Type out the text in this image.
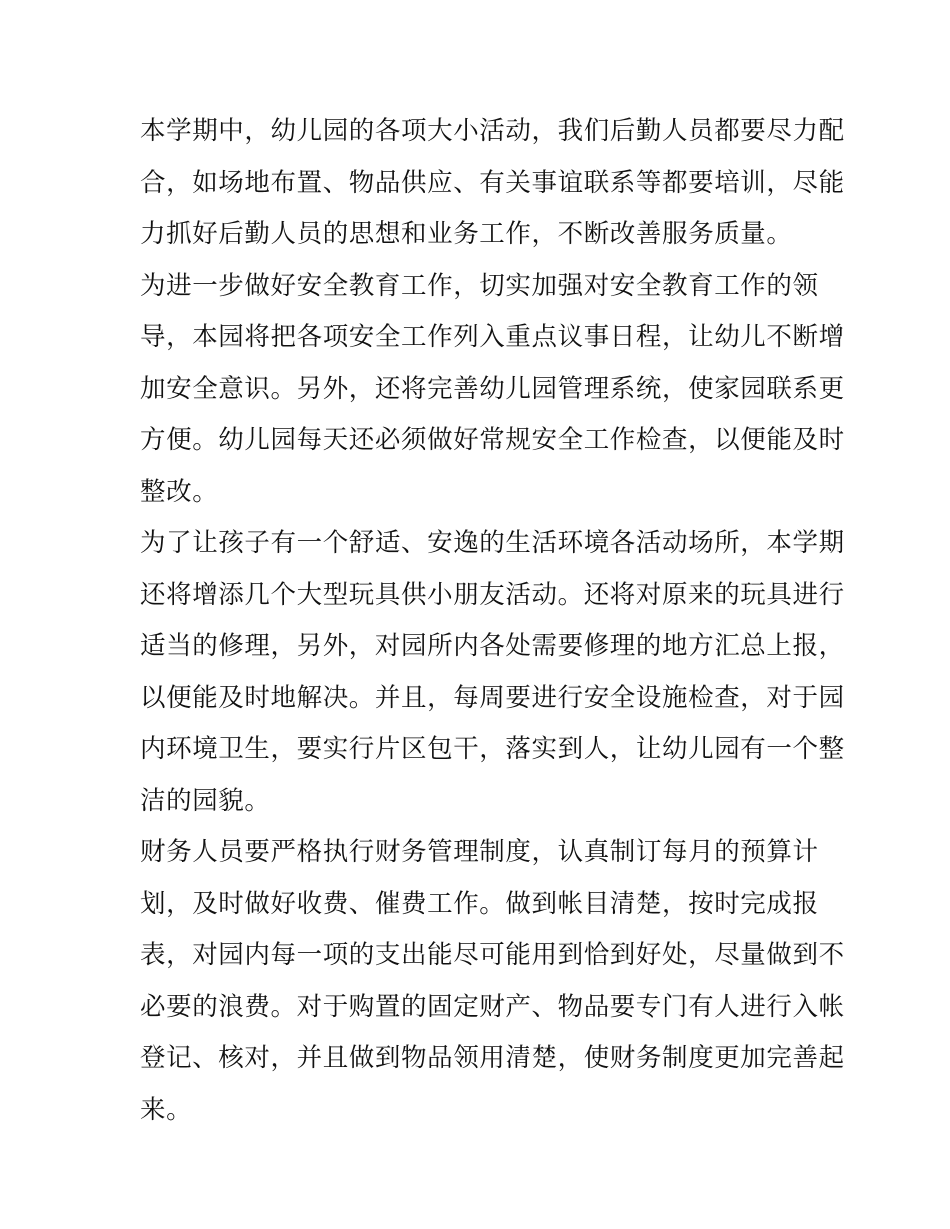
本学期中，幼儿园的各项大小活动，我们后勤人员都要尽力配
合，如场地布置、物品供应、有关事谊联系等都要培训，尽能
力抓好后勤人员的思想和业务工作，不断改善服务质量。
为进一步做好安全教育工作，切实加强对安全教育工作的领
导，本园将把各项安全工作列入重点议事日程，让幼儿不断增
加安全意识。另外，还将完善幼儿园管理系统，使家园联系更
方便。幼儿园每天还必须做好常规安全工作检查，以便能及时
整改。
为了让孩子有一个舒适、安逸的生活环境各活动场所，本学期
还将增添几个大型玩具供小朋友活动。还将对原来的玩具进行
适当的修理，另外，对园所内各处需要修理的地方汇总上报，
以便能及时地解决。并且，每周要进行安全设施检查，对于园
内环境卫生，要实行片区包干，落实到人，让幼儿园有一个整
洁的园貌。
财务人员要严格执行财务管理制度，认真制订每月的预算计
划，及时做好收费、催费工作。做到帐目清楚，按时完成报
表，对园内每一项的支出能尽可能用到恰到好处，尽量做到不
必要的浪费。对于购置的固定财产、物品要专门有人进行入帐
登记、核对，并且做到物品领用清楚，使财务制度更加完善起
来。
